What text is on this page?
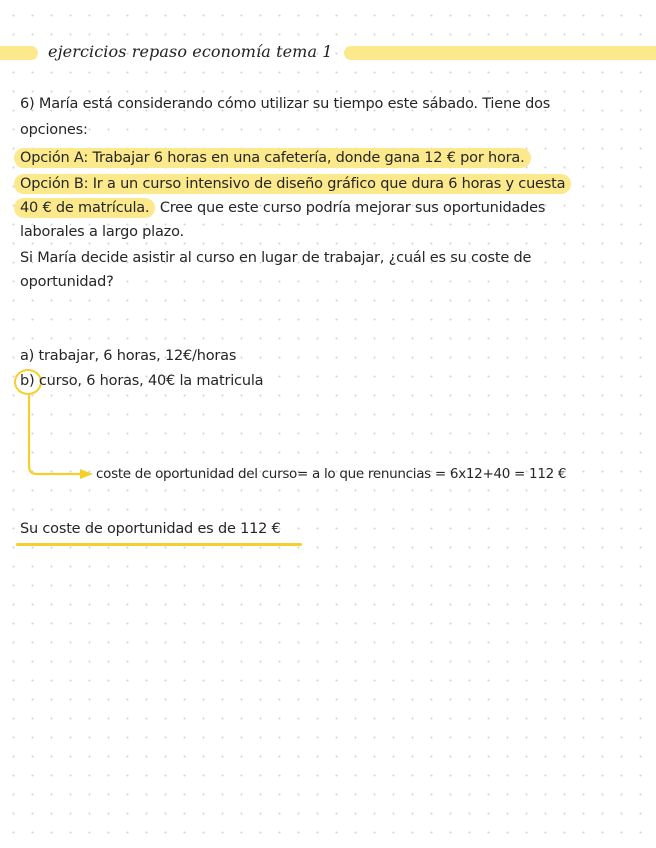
ejercicios repaso economía tema 1
6) María está considerando cómo utilizar su tiempo este sábado. Tiene dos
opciones:
Opción A: Trabajar 6 horas en una cafetería, donde gana 12 € por hora.
Opción B: Ir a un curso intensivo de diseño gráfico que dura 6 horas y cuesta
40 € de matrícula. Cree que este curso podría mejorar sus oportunidades
laborales a largo plazo.
Si María decide asistir al curso en lugar de trabajar, ¿cuál es su coste de
oportunidad?
a) trabajar, 6 horas, 12€/horas
b) curso, 6 horas, 40€ la matricula
coste de oportunidad del curso= a lo que renuncias = 6x12+40 = 112 €
Su coste de oportunidad es de 112 €
